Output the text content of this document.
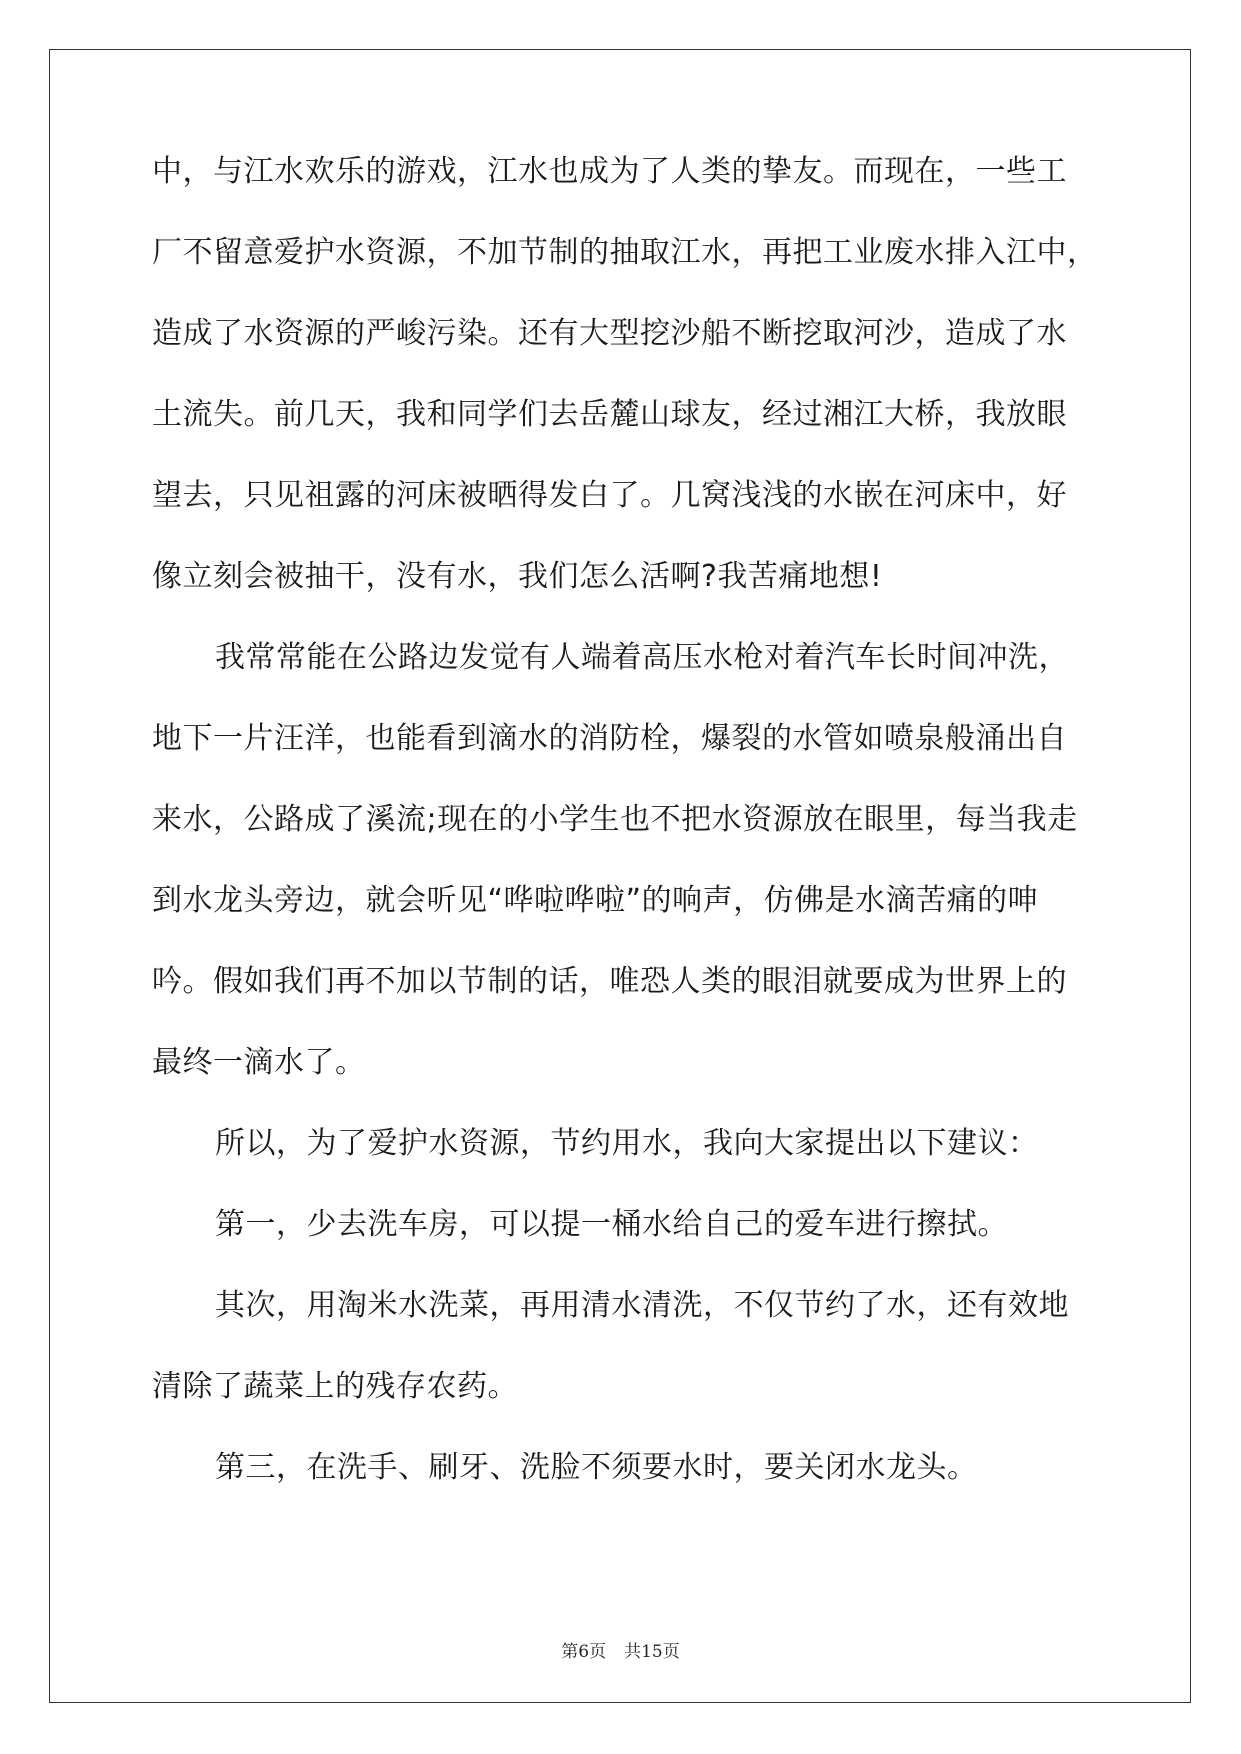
中，与江水欢乐的游戏，江水也成为了人类的挚友。而现在，一些工
厂不留意爱护水资源，不加节制的抽取江水，再把工业废水排入江中，
造成了水资源的严峻污染。还有大型挖沙船不断挖取河沙，造成了水
土流失。前几天，我和同学们去岳麓山球友，经过湘江大桥，我放眼
望去，只见祖露的河床被晒得发白了。几窝浅浅的水嵌在河床中，好
像立刻会被抽干，没有水，我们怎么活啊?我苦痛地想!
我常常能在公路边发觉有人端着高压水枪对着汽车长时间冲洗，
地下一片汪洋，也能看到滴水的消防栓，爆裂的水管如喷泉般涌出自
来水，公路成了溪流;现在的小学生也不把水资源放在眼里，每当我走
到水龙头旁边，就会听见“哗啦哗啦”的响声，仿佛是水滴苦痛的呻
吟。假如我们再不加以节制的话，唯恐人类的眼泪就要成为世界上的
最终一滴水了。
所以，为了爱护水资源，节约用水，我向大家提出以下建议：
第一，少去洗车房，可以提一桶水给自己的爱车进行擦拭。
其次，用淘米水洗菜，再用清水清洗，不仅节约了水，还有效地
清除了蔬菜上的残存农药。
第三，在洗手、刷牙、洗脸不须要水时，要关闭水龙头。
第6页 共15页
